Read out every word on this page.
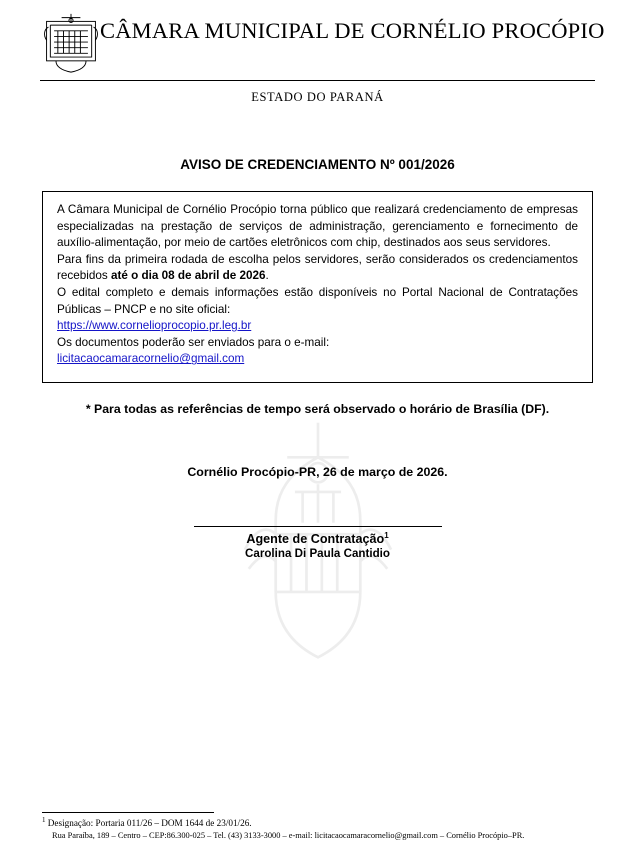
CÂMARA MUNICIPAL DE CORNÉLIO PROCÓPIO
ESTADO DO PARANÁ
AVISO DE CREDENCIAMENTO Nº 001/2026

A Câmara Municipal de Cornélio Procópio torna público que realizará credenciamento de empresas especializadas na prestação de serviços de administração, gerenciamento e fornecimento de auxílio-alimentação, por meio de cartões eletrônicos com chip, destinados aos seus servidores.

Para fins da primeira rodada de escolha pelos servidores, serão considerados os credenciamentos recebidos até o dia 08 de abril de 2026.

O edital completo e demais informações estão disponíveis no Portal Nacional de Contratações Públicas – PNCP e no site oficial:

https://www.cornelioprocopio.pr.leg.br

Os documentos poderão ser enviados para o e-mail:

licitacaocamaracornelio@gmail.com

* Para todas as referências de tempo será observado o horário de Brasília (DF).
Cornélio Procópio-PR, 26 de março de 2026.
Agente de Contratação$^1$
Carolina Di Paula Cantidio
$^1$ Designação: Portaria 011/26 – DOM 1644 de 23/01/26.
Rua Paraíba, 189 – Centro – CEP:86.300-025 – Tel. (43) 3133-3000 – e-mail: licitacaocamaracornelio@gmail.com – Cornélio Procópio–PR.
